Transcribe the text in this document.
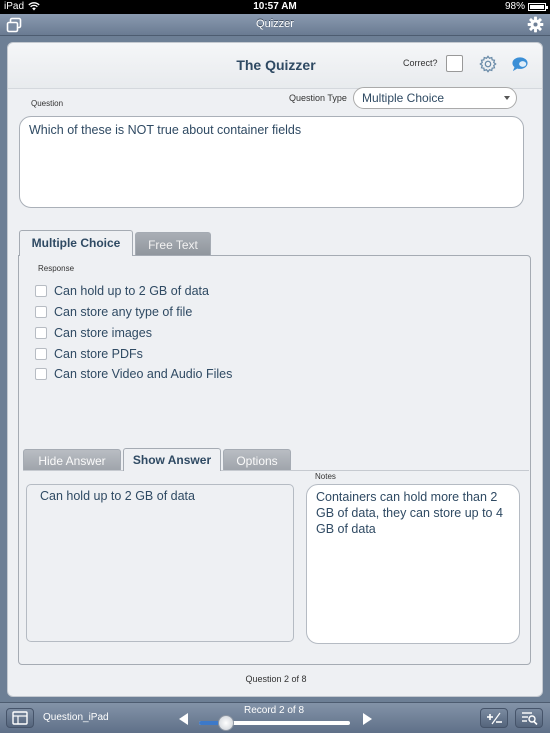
iPad	10:57 AM	98%
Quizzer
The Quizzer	Correct?
Question
Question Type	Multiple Choice
Which of these is NOT true about container fields
Multiple Choice	Free Text
Response
Can hold up to 2 GB of data
Can store any type of file
Can store images
Can store PDFs
Can store Video and Audio Files
Hide Answer	Show Answer	Options
Can hold up to 2 GB of data
Notes
Containers can hold more than 2 GB of data, they can store up to 4 GB of data
Question 2 of 8
Question_iPad
Record 2 of 8
